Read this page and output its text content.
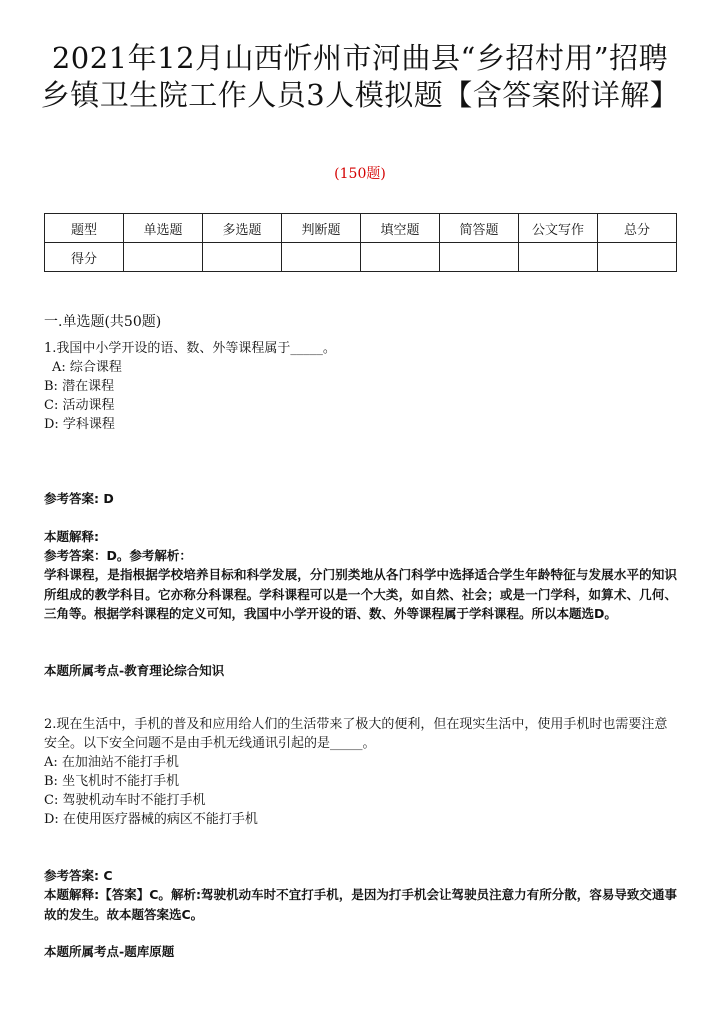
2021年12月山西忻州市河曲县“乡招村用”招聘乡镇卫生院工作人员3人模拟题【含答案附详解】
(150题)
题型	单选题	多选题	判断题	填空题	简答题	公文写作	总分
得分							
一.单选题(共50题)
1.我国中小学开设的语、数、外等课程属于_____。
A: 综合课程
B: 潜在课程
C: 活动课程
D: 学科课程
参考答案: D
本题解释:
参考答案：D。参考解析：
学科课程，是指根据学校培养目标和科学发展，分门别类地从各门科学中选择适合学生年龄特征与发展水平的知识所组成的教学科目。它亦称分科课程。学科课程可以是一个大类，如自然、社会；或是一门学科，如算术、几何、三角等。根据学科课程的定义可知，我国中小学开设的语、数、外等课程属于学科课程。所以本题选D。
本题所属考点-教育理论综合知识
2.现在生活中，手机的普及和应用给人们的生活带来了极大的便利，但在现实生活中，使用手机时也需要注意安全。以下安全问题不是由手机无线通讯引起的是_____。
A: 在加油站不能打手机
B: 坐飞机时不能打手机
C: 驾驶机动车时不能打手机
D: 在使用医疗器械的病区不能打手机
参考答案: C
本题解释:【答案】C。解析:驾驶机动车时不宜打手机，是因为打手机会让驾驶员注意力有所分散，容易导致交通事故的发生。故本题答案选C。
本题所属考点-题库原题
